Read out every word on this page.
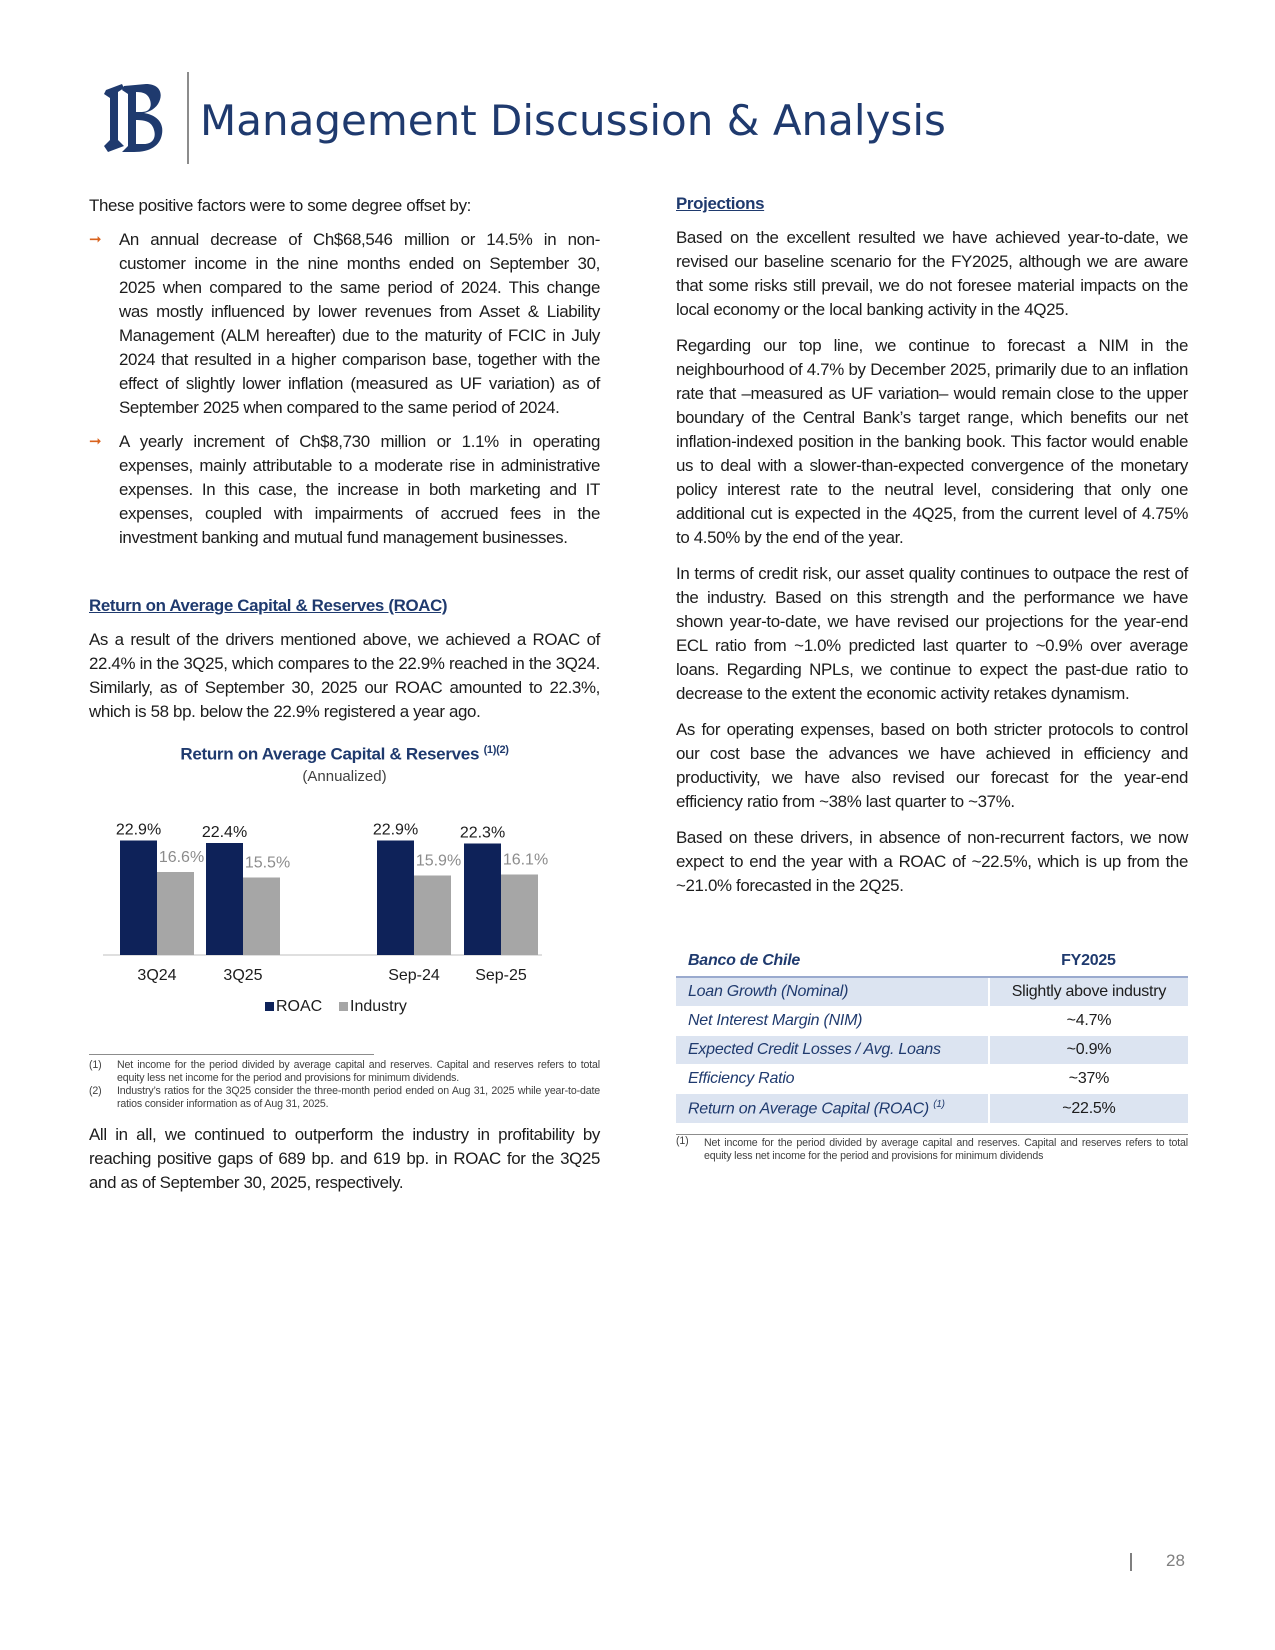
Management Discussion & Analysis

These positive factors were to some degree offset by:

➞ An annual decrease of Ch$68,546 million or 14.5% in non-customer income in the nine months ended on September 30, 2025 when compared to the same period of 2024. This change was mostly influenced by lower revenues from Asset & Liability Management (ALM hereafter) due to the maturity of FCIC in July 2024 that resulted in a higher comparison base, together with the effect of slightly lower inflation (measured as UF variation) as of September 2025 when compared to the same period of 2024.
➞ A yearly increment of Ch$8,730 million or 1.1% in operating expenses, mainly attributable to a moderate rise in administrative expenses. In this case, the increase in both marketing and IT expenses, coupled with impairments of accrued fees in the investment banking and mutual fund management businesses.
Return on Average Capital & Reserves (ROAC)

As a result of the drivers mentioned above, we achieved a ROAC of 22.4% in the 3Q25, which compares to the 22.9% reached in the 3Q24. Similarly, as of September 30, 2025 our ROAC amounted to 22.3%, which is 58 bp. below the 22.9% registered a year ago.

Return on Average Capital & Reserves $^{(1)(2)}$
(Annualized)
22.9%
16.6%
3Q24
22.4%
15.5%
3Q25
22.9%
15.9%
Sep-24
22.3%
16.1%
Sep-25
ROAC Industry
(1) Net income for the period divided by average capital and reserves. Capital and reserves refers to total equity less net income for the period and provisions for minimum dividends.
(2) Industry’s ratios for the 3Q25 consider the three-month period ended on Aug 31, 2025 while year-to-date ratios consider information as of Aug 31, 2025.

All in all, we continued to outperform the industry in profitability by reaching positive gaps of 689 bp. and 619 bp. in ROAC for the 3Q25 and as of September 30, 2025, respectively.

Projections

Based on the excellent resulted we have achieved year-to-date, we revised our baseline scenario for the FY2025, although we are aware that some risks still prevail, we do not foresee material impacts on the local economy or the local banking activity in the 4Q25.

Regarding our top line, we continue to forecast a NIM in the neighbourhood of 4.7% by December 2025, primarily due to an inflation rate that –measured as UF variation– would remain close to the upper boundary of the Central Bank’s target range, which benefits our net inflation-indexed position in the banking book. This factor would enable us to deal with a slower-than-expected convergence of the monetary policy interest rate to the neutral level, considering that only one additional cut is expected in the 4Q25, from the current level of 4.75% to 4.50% by the end of the year.

In terms of credit risk, our asset quality continues to outpace the rest of the industry. Based on this strength and the performance we have shown year-to-date, we have revised our projections for the year-end ECL ratio from ~1.0% predicted last quarter to ~0.9% over average loans. Regarding NPLs, we continue to expect the past-due ratio to decrease to the extent the economic activity retakes dynamism.

As for operating expenses, based on both stricter protocols to control our cost base the advances we have achieved in efficiency and productivity, we have also revised our forecast for the year-end efficiency ratio from ~38% last quarter to ~37%.

Based on these drivers, in absence of non-recurrent factors, we now expect to end the year with a ROAC of ~22.5%, which is up from the ~21.0% forecasted in the 2Q25.

Banco de Chile	FY2025
Loan Growth (Nominal)	Slightly above industry
Net Interest Margin (NIM)	~4.7%
Expected Credit Losses / Avg. Loans	~0.9%
Efficiency Ratio	~37%
Return on Average Capital (ROAC) $^{(1)}$	~22.5%
(1) Net income for the period divided by average capital and reserves. Capital and reserves refers to total equity less net income for the period and provisions for minimum dividends
28
